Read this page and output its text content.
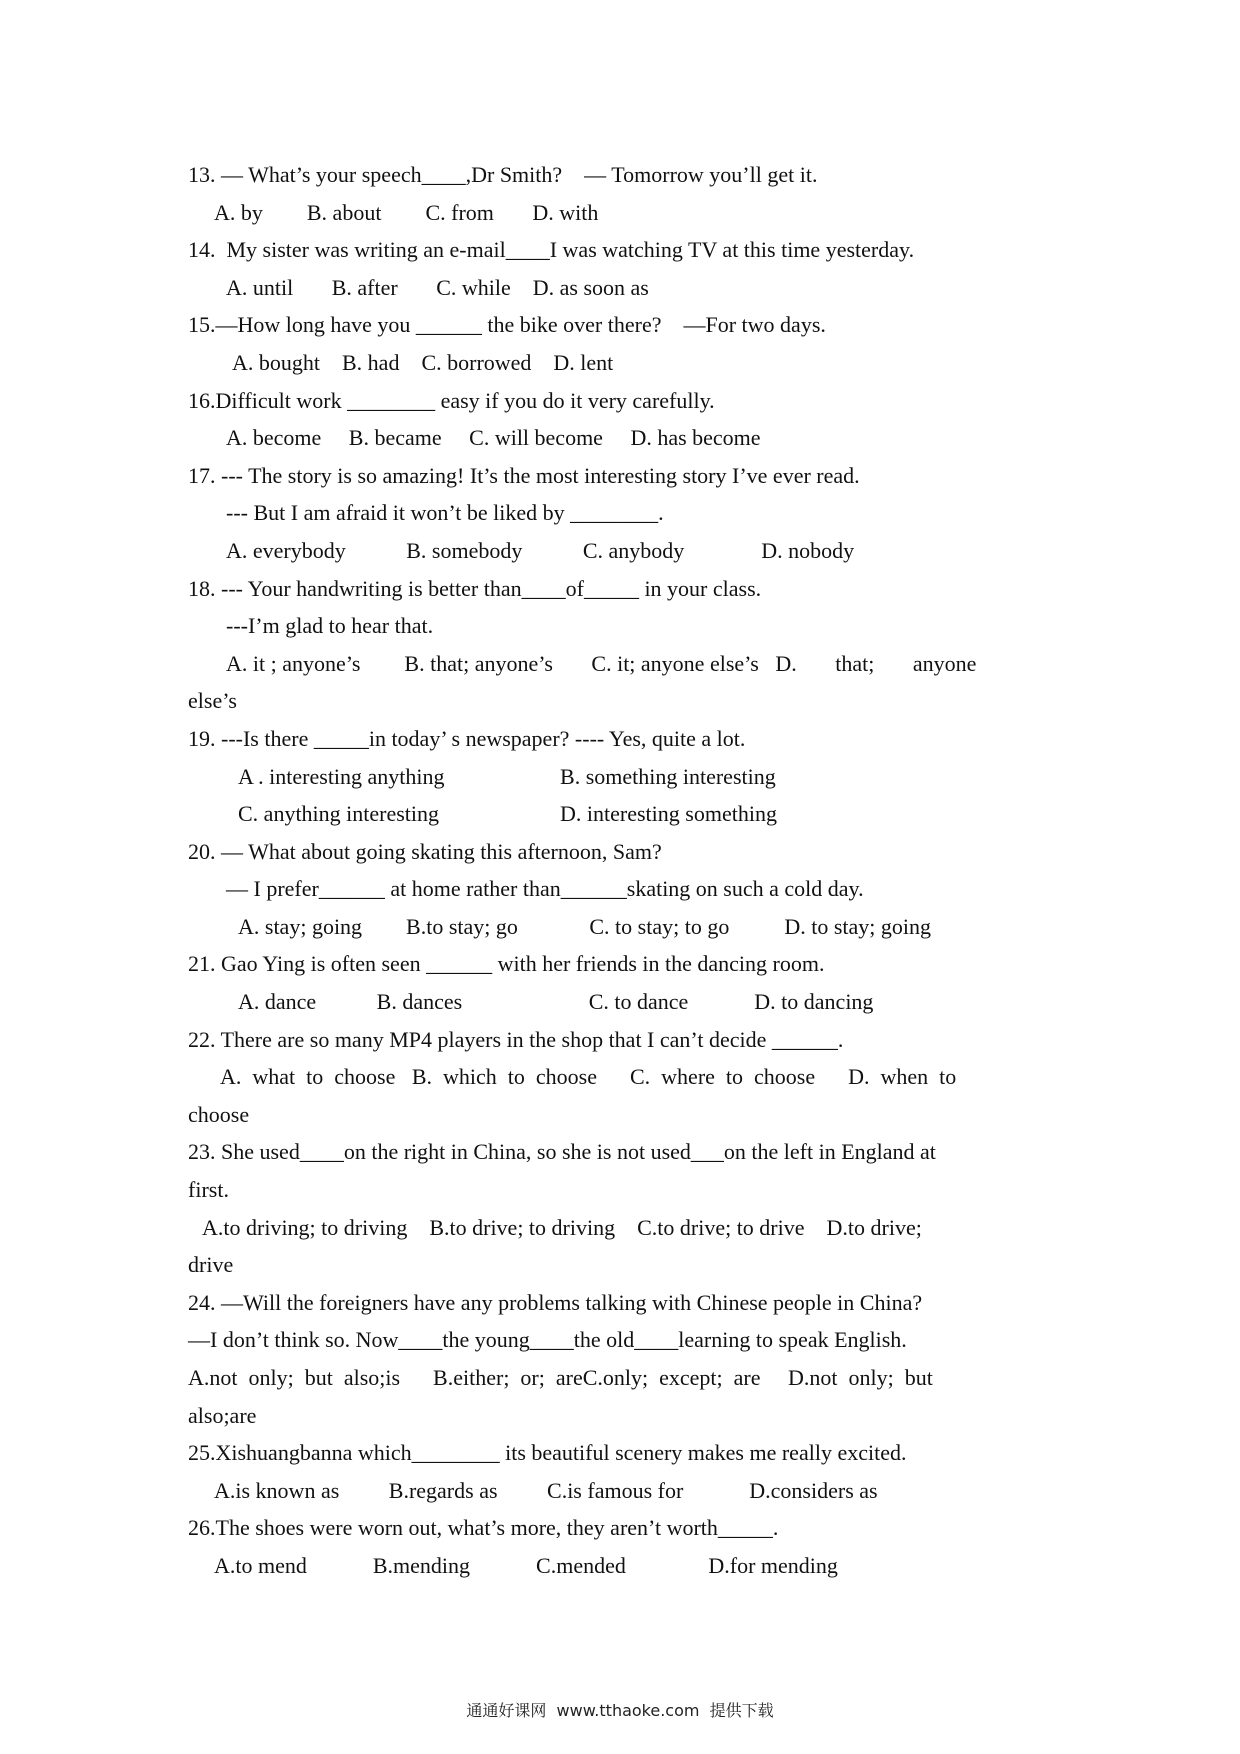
13. — What’s your speech____,Dr Smith?    — Tomorrow you’ll get it.
A. by        B. about        C. from       D. with
14.  My sister was writing an e-mail____I was watching TV at this time yesterday.
A. until       B. after       C. while    D. as soon as
15.—How long have you ______ the bike over there?    —For two days.
A. bought    B. had    C. borrowed    D. lent
16.Difficult work ________ easy if you do it very carefully.
A. become     B. became     C. will become     D. has become
17. --- The story is so amazing! It’s the most interesting story I’ve ever read.
--- But I am afraid it won’t be liked by ________.
A. everybody           B. somebody           C. anybody              D. nobody
18. --- Your handwriting is better than____of_____ in your class.
---I’m glad to hear that.
A. it ; anyone’s        B. that; anyone’s       C. it; anyone else’s   D.       that;       anyone
else’s
19. ---Is there _____in today’ s newspaper? ---- Yes, quite a lot.
A . interesting anything                     B. something interesting
C. anything interesting                      D. interesting something
20. — What about going skating this afternoon, Sam?
— I prefer______ at home rather than______skating on such a cold day.
A. stay; going        B.to stay; go             C. to stay; to go          D. to stay; going
21. Gao Ying is often seen ______ with her friends in the dancing room.
A. dance           B. dances                       C. to dance            D. to dancing
22. There are so many MP4 players in the shop that I can’t decide ______.
A.  what  to  choose   B.  which  to  choose      C.  where  to  choose      D.  when  to
choose
23. She used____on the right in China, so she is not used___on the left in England at
first.
A.to driving; to driving    B.to drive; to driving    C.to drive; to drive    D.to drive;
drive
24. —Will the foreigners have any problems talking with Chinese people in China?
—I don’t think so. Now____the young____the old____learning to speak English.
A.not  only;  but  also;is      B.either;  or;  areC.only;  except;  are     D.not  only;  but
also;are
25.Xishuangbanna which________ its beautiful scenery makes me really excited.
A.is known as         B.regards as         C.is famous for            D.considers as
26.The shoes were worn out, what’s more, they aren’t worth_____.
A.to mend            B.mending            C.mended               D.for mending
通通好课网  www.tthaoke.com  提供下载
